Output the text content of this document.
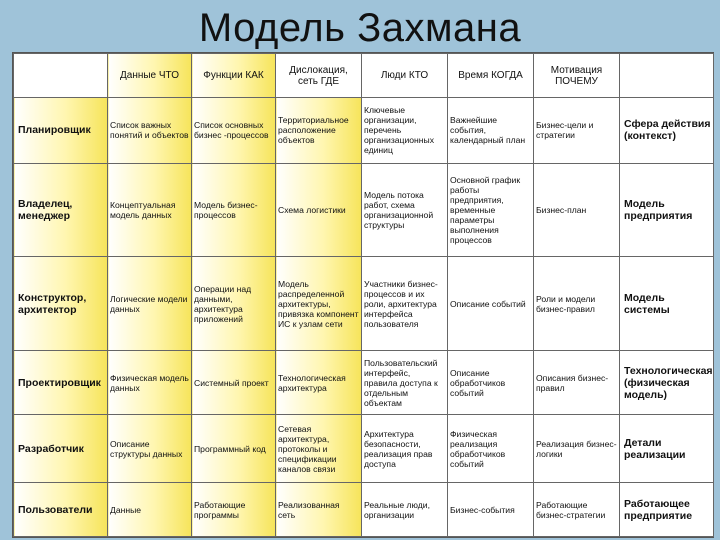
Модель Захмана
	Данные ЧТО	Функции КАК	Дислокация, сеть ГДЕ	Люди КТО	Время КОГДА	Мотивация ПОЧЕМУ	
Планировщик	Список важных понятий и объектов	Список основных бизнес -процессов	Территориальное расположение объектов	Ключевые организации, перечень организационных единиц	Важнейшие события, календарный план	Бизнес-цели и стратегии	Сфера действия (контекст)
Владелец, менеджер	Концептуальная модель данных	Модель бизнес-процессов	Схема логистики	Модель потока работ, схема организационной структуры	Основной график работы предприятия, временные параметры выполнения процессов	Бизнес-план	Модель предприятия
Конструктор, архитектор	Логические модели данных	Операции над данными, архитектура приложений	Модель распределенной архитектуры, привязка компонент ИС к узлам сети	Участники бизнес-процессов и их роли, архитектура интерфейса пользователя	Описание событий	Роли и модели бизнес-правил	Модель системы
Проектировщик	Физическая модель данных	Системный проект	Технологическая архитектура	Пользовательский интерфейс, правила доступа к отдельным объектам	Описание обработчиков событий	Описания бизнес-правил	Технологическая (физическая модель)
Разработчик	Описание структуры данных	Программный код	Сетевая архитектура, протоколы и спецификации каналов связи	Архитектура безопасности, реализация прав доступа	Физическая реализация обработчиков событий	Реализация бизнес-логики	Детали реализации
Пользователи	Данные	Работающие программы	Реализованная сеть	Реальные люди, организации	Бизнес-события	Работающие бизнес-стратегии	Работающее предприятие
